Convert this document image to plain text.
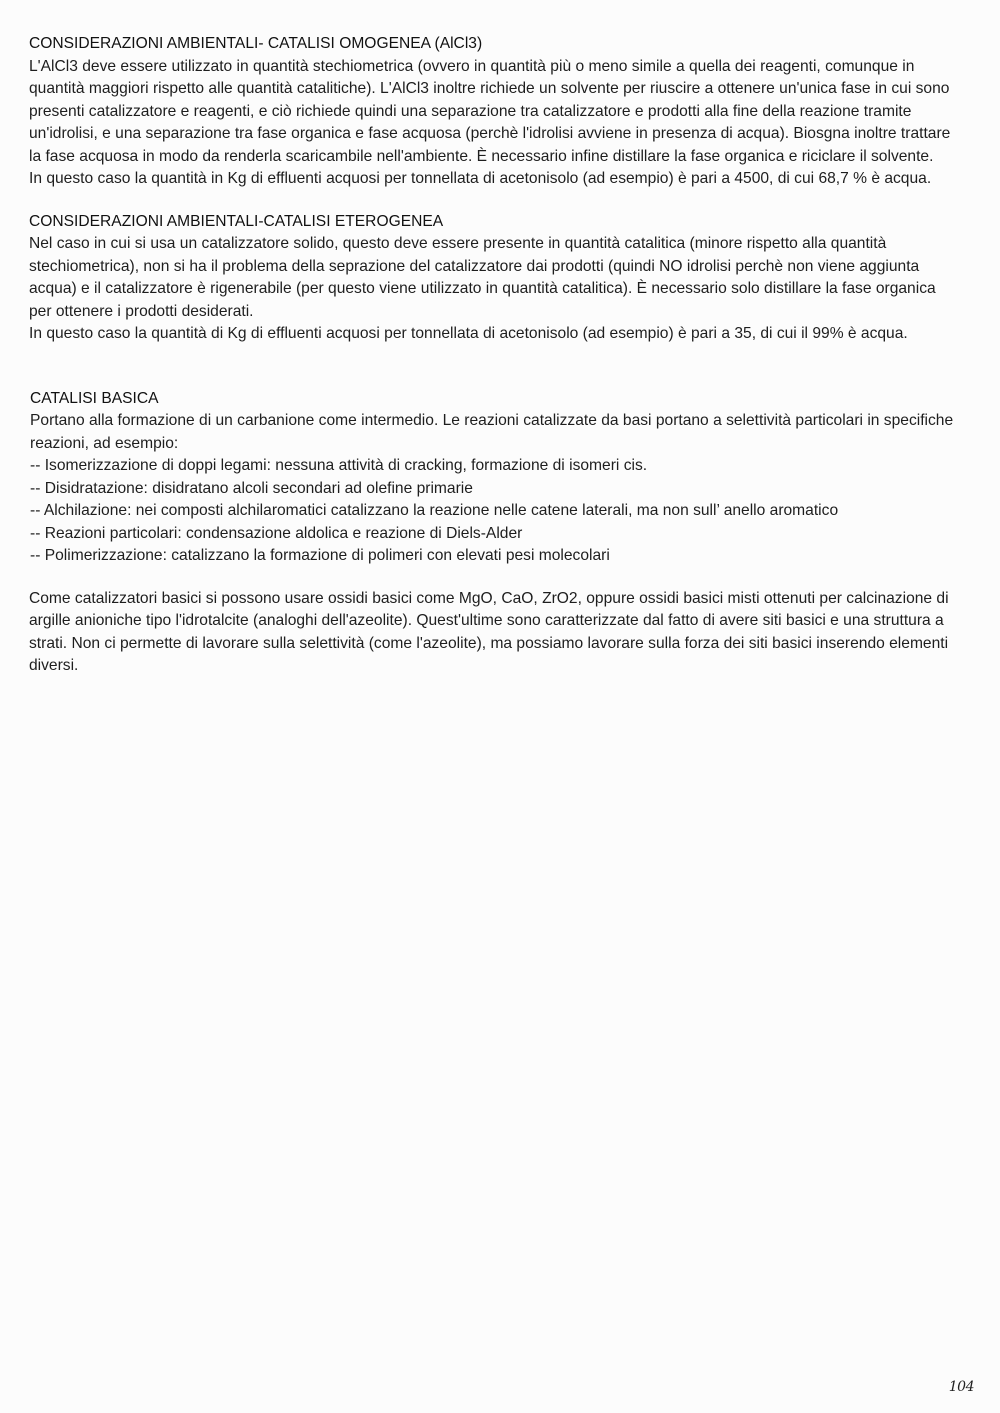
CONSIDERAZIONI AMBIENTALI- CATALISI OMOGENEA (AlCl3)

L'AlCl3 deve essere utilizzato in quantità stechiometrica (ovvero in quantità più o meno simile a quella dei reagenti, comunque in quantità maggiori rispetto alle quantità catalitiche). L'AlCl3 inoltre richiede un solvente per riuscire a ottenere un'unica fase in cui sono presenti catalizzatore e reagenti, e ciò richiede quindi una separazione tra catalizzatore e prodotti alla fine della reazione tramite un'idrolisi, e una separazione tra fase organica e fase acquosa (perchè l'idrolisi avviene in presenza di acqua). Biosgna inoltre trattare la fase acquosa in modo da renderla scaricambile nell'ambiente. È necessario infine distillare la fase organica e riciclare il solvente.

In questo caso la quantità in Kg di effluenti acquosi per tonnellata di acetonisolo (ad esempio) è pari a 4500, di cui 68,7 % è acqua.

CONSIDERAZIONI AMBIENTALI-CATALISI ETEROGENEA

Nel caso in cui si usa un catalizzatore solido, questo deve essere presente in quantità catalitica (minore rispetto alla quantità stechiometrica), non si ha il problema della seprazione del catalizzatore dai prodotti (quindi NO idrolisi perchè non viene aggiunta acqua) e il catalizzatore è rigenerabile (per questo viene utilizzato in quantità catalitica). È necessario solo distillare la fase organica per ottenere i prodotti desiderati.

In questo caso la quantità di Kg di effluenti acquosi per tonnellata di acetonisolo (ad esempio) è pari a 35, di cui il 99% è acqua.

CATALISI BASICA

Portano alla formazione di un carbanione come intermedio. Le reazioni catalizzate da basi portano a selettività particolari in specifiche reazioni, ad esempio:

-- Isomerizzazione di doppi legami: nessuna attività di cracking, formazione di isomeri cis.
-- Disidratazione: disidratano alcoli secondari ad olefine primarie
-- Alchilazione: nei composti alchilaromatici catalizzano la reazione nelle catene laterali, ma non sull’ anello aromatico
-- Reazioni particolari: condensazione aldolica e reazione di Diels-Alder
-- Polimerizzazione: catalizzano la formazione di polimeri con elevati pesi molecolari

Come catalizzatori basici si possono usare ossidi basici come MgO, CaO, ZrO2, oppure ossidi basici misti ottenuti per calcinazione di argille anioniche tipo l'idrotalcite (analoghi dell'azeolite). Quest'ultime sono caratterizzate dal fatto di avere siti basici e una struttura a strati. Non ci permette di lavorare sulla selettività (come l'azeolite), ma possiamo lavorare sulla forza dei siti basici inserendo elementi diversi.

104
